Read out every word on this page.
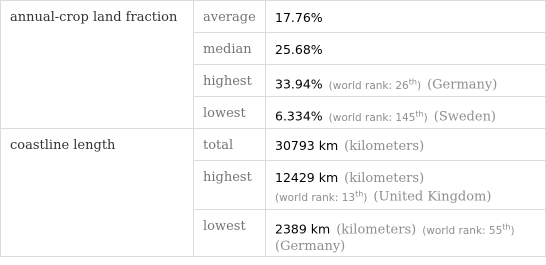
annual-crop land fraction	average	17.76%
	median	25.68%
	highest	33.94% (world rank: 26th) (Germany)
	lowest	6.334% (world rank: 145th) (Sweden)
coastline length	total	30793 km (kilometers)
	highest	12429 km (kilometers)
(world rank: 13th) (United Kingdom)
	lowest	2389 km (kilometers) (world rank: 55th)
(Germany)
